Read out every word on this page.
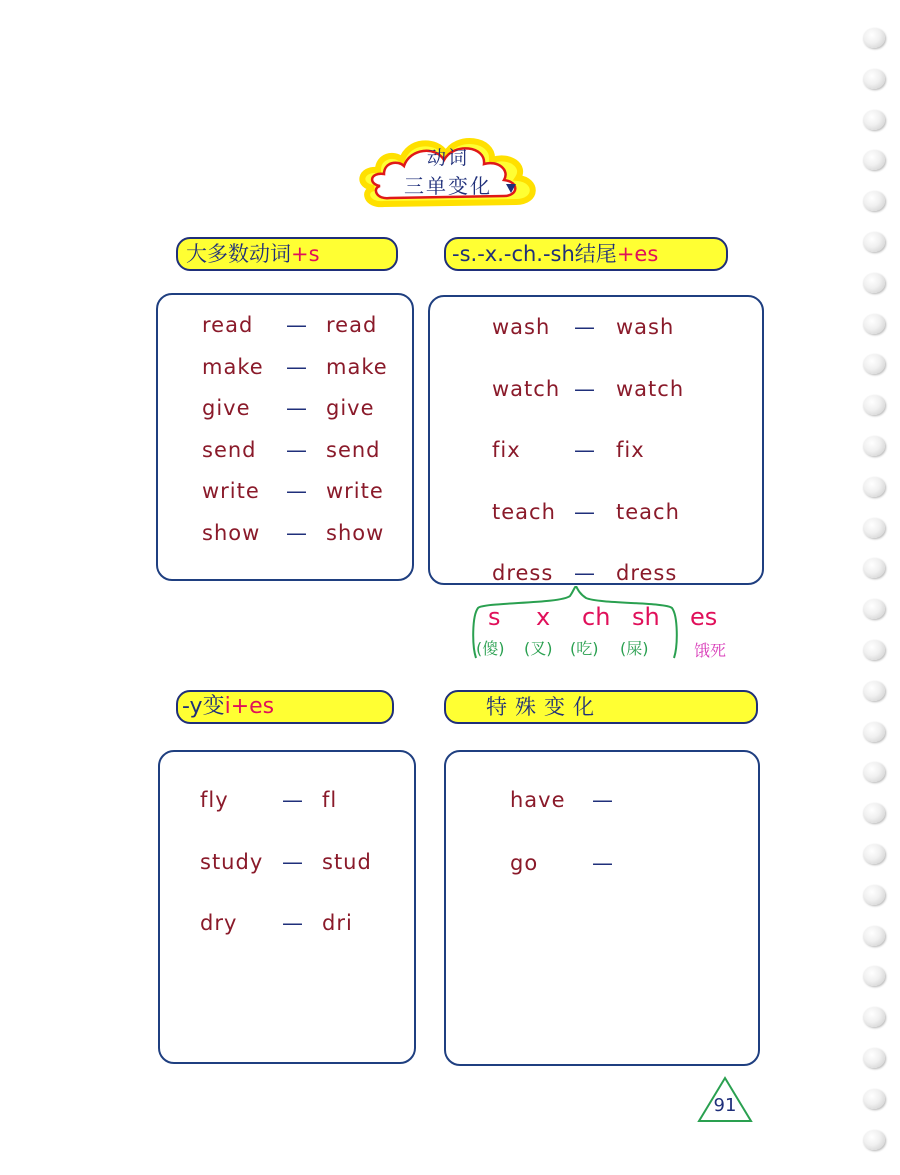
动词
三单变化
大多数动词+s
read — read
make — make
give — give
send — send
write — write
show — show
-s.-x.-ch.-sh结尾+es
wash — wash
watch — watch
fix	— fix
teach — teach
dress — dress
s
(傻)
x
(叉)
ch
(吃)
sh
(屎)
es
饿死
-y变i+es
fly	— fl
study — stud
dry — dri
特殊变化
have —
go	—
91
